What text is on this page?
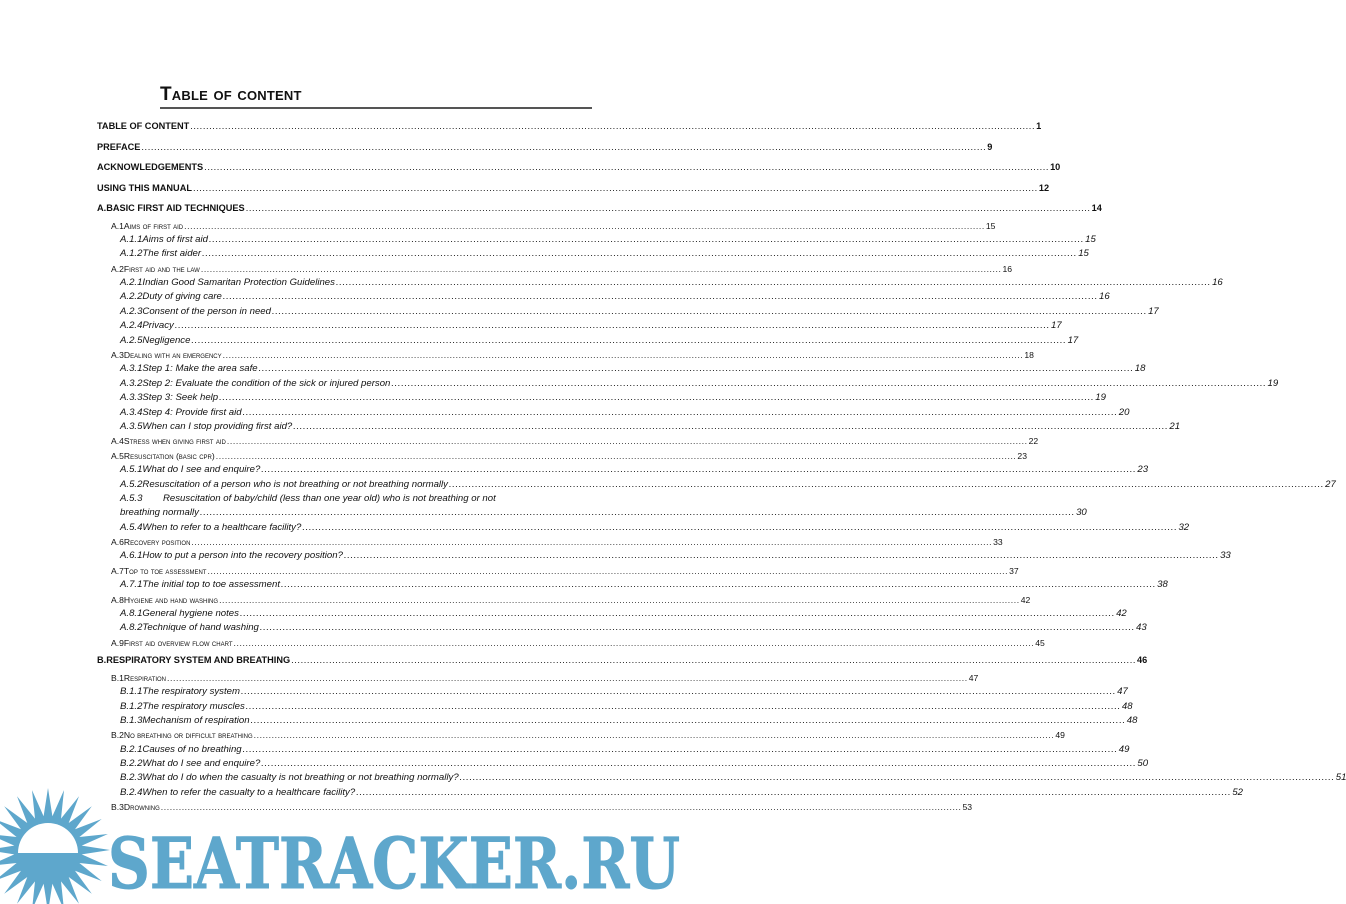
Table of content
TABLE OF CONTENT .....	1
PREFACE .....	9
ACKNOWLEDGEMENTS .....	10
USING THIS MANUAL .....	12
A. BASIC FIRST AID TECHNIQUES .....	14
A.1 Aims of first aid .....	15
A.1.1 Aims of first aid .....	15
A.1.2 The first aider .....	15
A.2 First aid and the law .....	16
A.2.1 Indian Good Samaritan Protection Guidelines .....	16
A.2.2 Duty of giving care .....	16
A.2.3 Consent of the person in need .....	17
A.2.4 Privacy .....	17
A.2.5 Negligence .....	17
A.3 Dealing with an emergency .....	18
A.3.1 Step 1: Make the area safe .....	18
A.3.2 Step 2: Evaluate the condition of the sick or injured person .....	19
A.3.3 Step 3: Seek help .....	19
A.3.4 Step 4: Provide first aid .....	20
A.3.5 When can I stop providing first aid? .....	21
A.4 Stress when giving first aid .....	22
A.5 Resuscitation (basic cpr) .....	23
A.5.1 What do I see and enquire? .....	23
A.5.2 Resuscitation of a person who is not breathing or not breathing normally .....	27
A.5.3	Resuscitation of baby/child (less than one year old) who is not breathing or not
breathing normally .....	30
A.5.4 When to refer to a healthcare facility? .....	32
A.6 Recovery position .....	33
A.6.1 How to put a person into the recovery position? .....	33
A.7 Top to toe assessment .....	37
A.7.1 The initial top to toe assessment .....	38
A.8 Hygiene and hand washing .....	42
A.8.1 General hygiene notes .....	42
A.8.2 Technique of hand washing .....	43
A.9 First aid overview flow chart .....	45
B. RESPIRATORY SYSTEM AND BREATHING .....	46
B.1 Respiration .....	47
B.1.1 The respiratory system .....	47
B.1.2 The respiratory muscles .....	48
B.1.3 Mechanism of respiration .....	48
B.2 No breathing or difficult breathing .....	49
B.2.1 Causes of no breathing .....	49
B.2.2 What do I see and enquire? .....	50
B.2.3 What do I do when the casualty is not breathing or not breathing normally? .....	51
B.2.4 When to refer the casualty to a healthcare facility? .....	52
B.3 Drowning .....	53
SEATRACKER.RU
